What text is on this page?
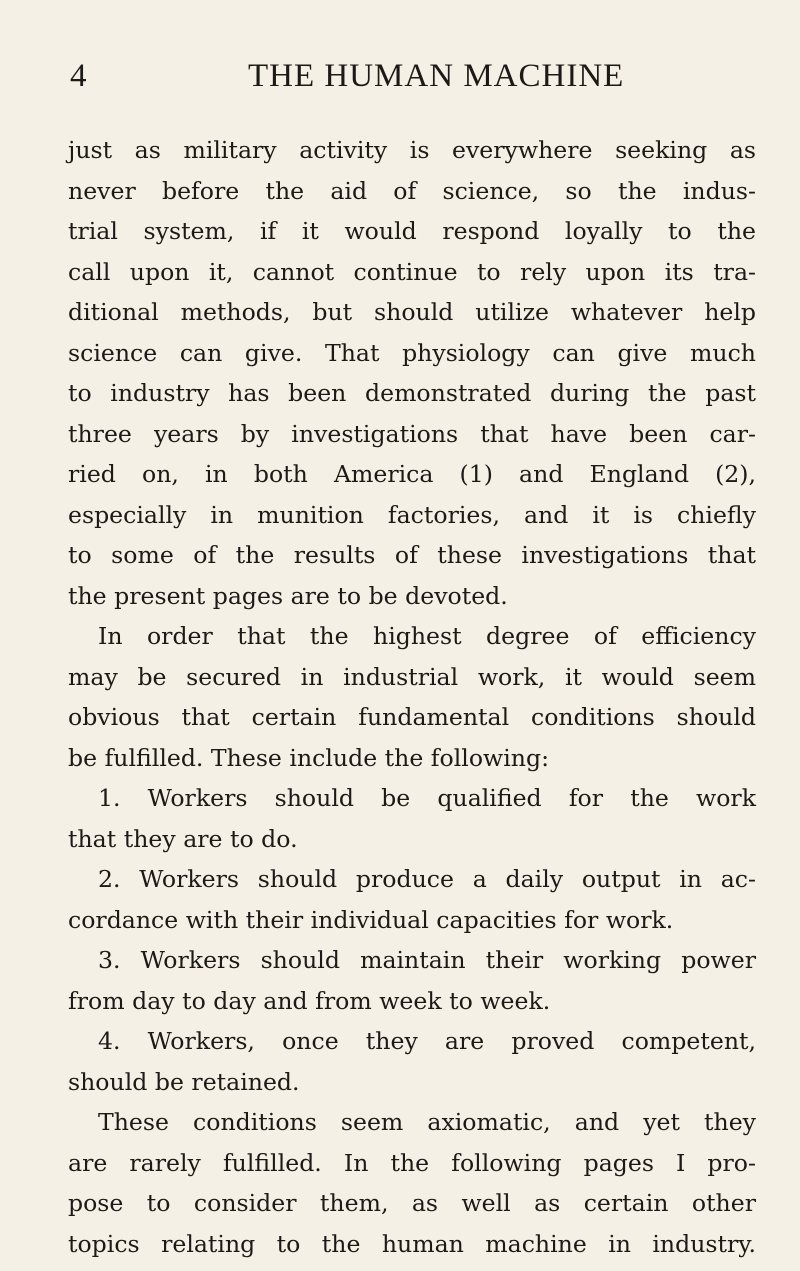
4	THE HUMAN MACHINE
just as military activity is everywhere seeking as
never before the aid of science, so the indus-
trial system, if it would respond loyally to the
call upon it, cannot continue to rely upon its tra-
ditional methods, but should utilize whatever help
science can give. That physiology can give much
to industry has been demonstrated during the past
three years by investigations that have been car-
ried on, in both America (1) and England (2),
especially in munition factories, and it is chiefly
to some of the results of these investigations that
the present pages are to be devoted.
In order that the highest degree of efficiency
may be secured in industrial work, it would seem
obvious that certain fundamental conditions should
be fulfilled. These include the following:
1. Workers should be qualified for the work
that they are to do.
2. Workers should produce a daily output in ac-
cordance with their individual capacities for work.
3. Workers should maintain their working power
from day to day and from week to week.
4. Workers, once they are proved competent,
should be retained.
These conditions seem axiomatic, and yet they
are rarely fulfilled. In the following pages I pro-
pose to consider them, as well as certain other
topics relating to the human machine in industry.
